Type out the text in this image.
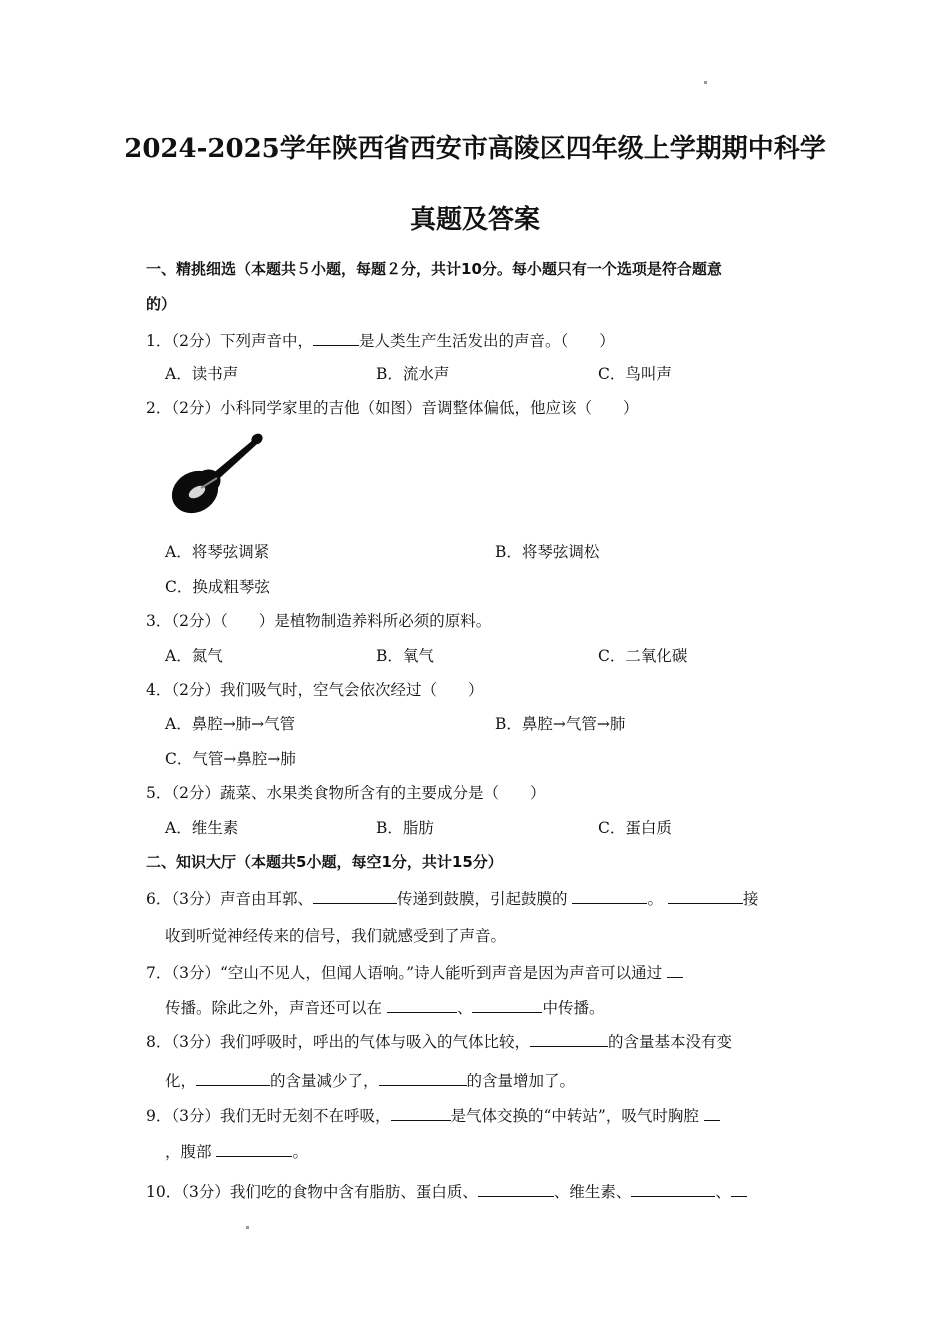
2024-2025学年陕西省西安市高陵区四年级上学期期中科学
真题及答案
一、精挑细选（本题共５小题，每题２分，共计10分。每小题只有一个选项是符合题意
的）
1．（2分）下列声音中，	是人类生产生活发出的声音。（　　）
A．读书声	B．流水声	C．鸟叫声
2．（2分）小科同学家里的吉他（如图）音调整体偏低，他应该（　　）
A．将琴弦调紧	B．将琴弦调松
C．换成粗琴弦
3．（2分）（　　）是植物制造养料所必须的原料。
A．氮气	B．氧气	C．二氧化碳
4．（2分）我们吸气时，空气会依次经过（　　）
A．鼻腔→肺→气管	B．鼻腔→气管→肺
C．气管→鼻腔→肺
5．（2分）蔬菜、水果类食物所含有的主要成分是（　　）
A．维生素	B．脂肪	C．蛋白质
二、知识大厅（本题共5小题，每空1分，共计15分）
6．（3分）声音由耳郭、	传递到鼓膜，引起鼓膜的	。	接
收到听觉神经传来的信号，我们就感受到了声音。
7．（3分）“空山不见人，但闻人语响。”诗人能听到声音是因为声音可以通过
传播。除此之外，声音还可以在	、	中传播。
8．（3分）我们呼吸时，呼出的气体与吸入的气体比较，	的含量基本没有变
化，	的含量减少了，	的含量增加了。
9．（3分）我们无时无刻不在呼吸，	是气体交换的“中转站”，吸气时胸腔
，腹部	。
10．（3分）我们吃的食物中含有脂肪、蛋白质、	、维生素、	、
